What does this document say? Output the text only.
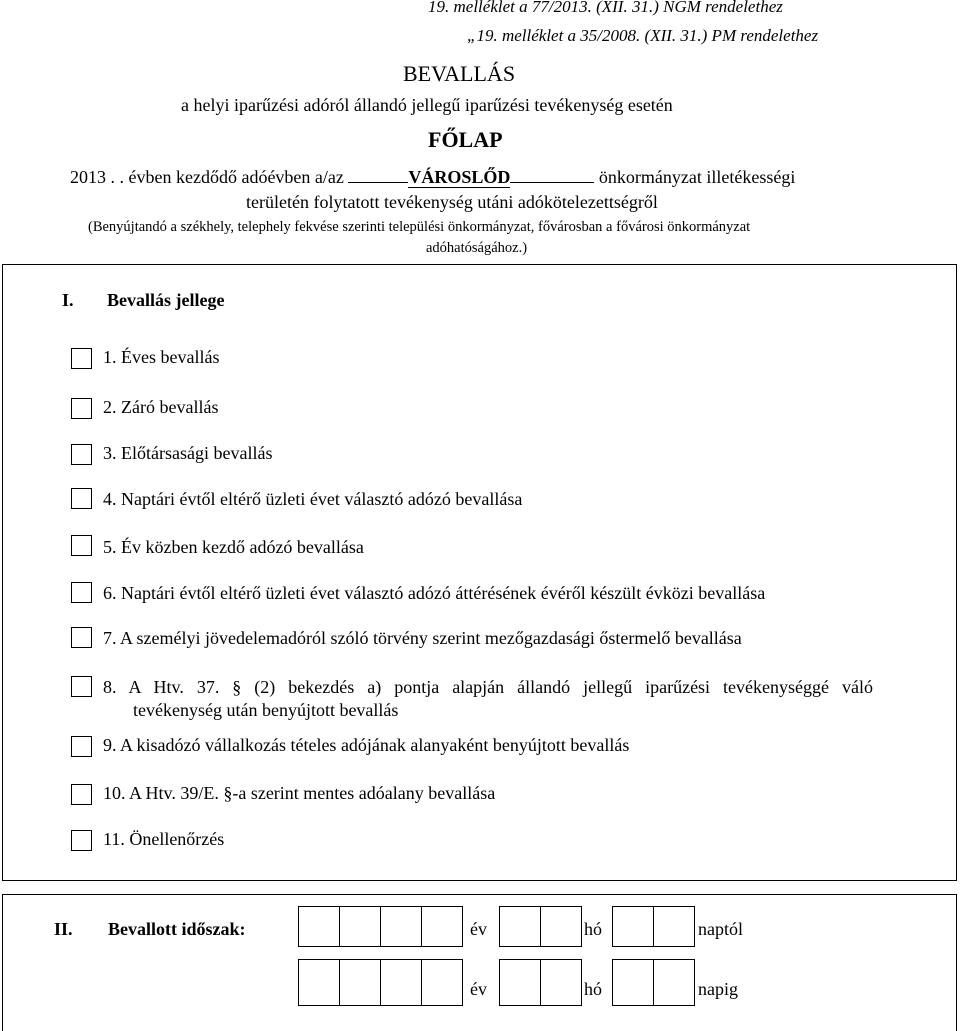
19. melléklet a 77/2013. (XII. 31.) NGM rendelethez
„19. melléklet a 35/2008. (XII. 31.) PM rendelethez
BEVALLÁS
a helyi iparűzési adóról állandó jellegű iparűzési tevékenység esetén
FŐLAP
2013 . . évben kezdődő adóévben a/az	VÁROSLŐD	önkormányzat illetékességi
területén folytatott tevékenység utáni adókötelezettségről
(Benyújtandó a székhely, telephely fekvése szerinti települési önkormányzat, fővárosban a fővárosi önkormányzat
adóhatóságához.)
I. Bevallás jellege
1. Éves bevallás
2. Záró bevallás
3. Előtársasági bevallás
4. Naptári évtől eltérő üzleti évet választó adózó bevallása
5. Év közben kezdő adózó bevallása
6. Naptári évtől eltérő üzleti évet választó adózó áttérésének évéről készült évközi bevallása
7. A személyi jövedelemadóról szóló törvény szerint mezőgazdasági őstermelő bevallása
8. A Htv. 37. § (2) bekezdés a) pontja alapján állandó jellegű iparűzési tevékenységgé váló
tevékenység után benyújtott bevallás
9. A kisadózó vállalkozás tételes adójának alanyaként benyújtott bevallás
10. A Htv. 39/E. §-a szerint mentes adóalany bevallása
11. Önellenőrzés
II. Bevallott időszak:	év	hó	naptól
év	hó	napig
